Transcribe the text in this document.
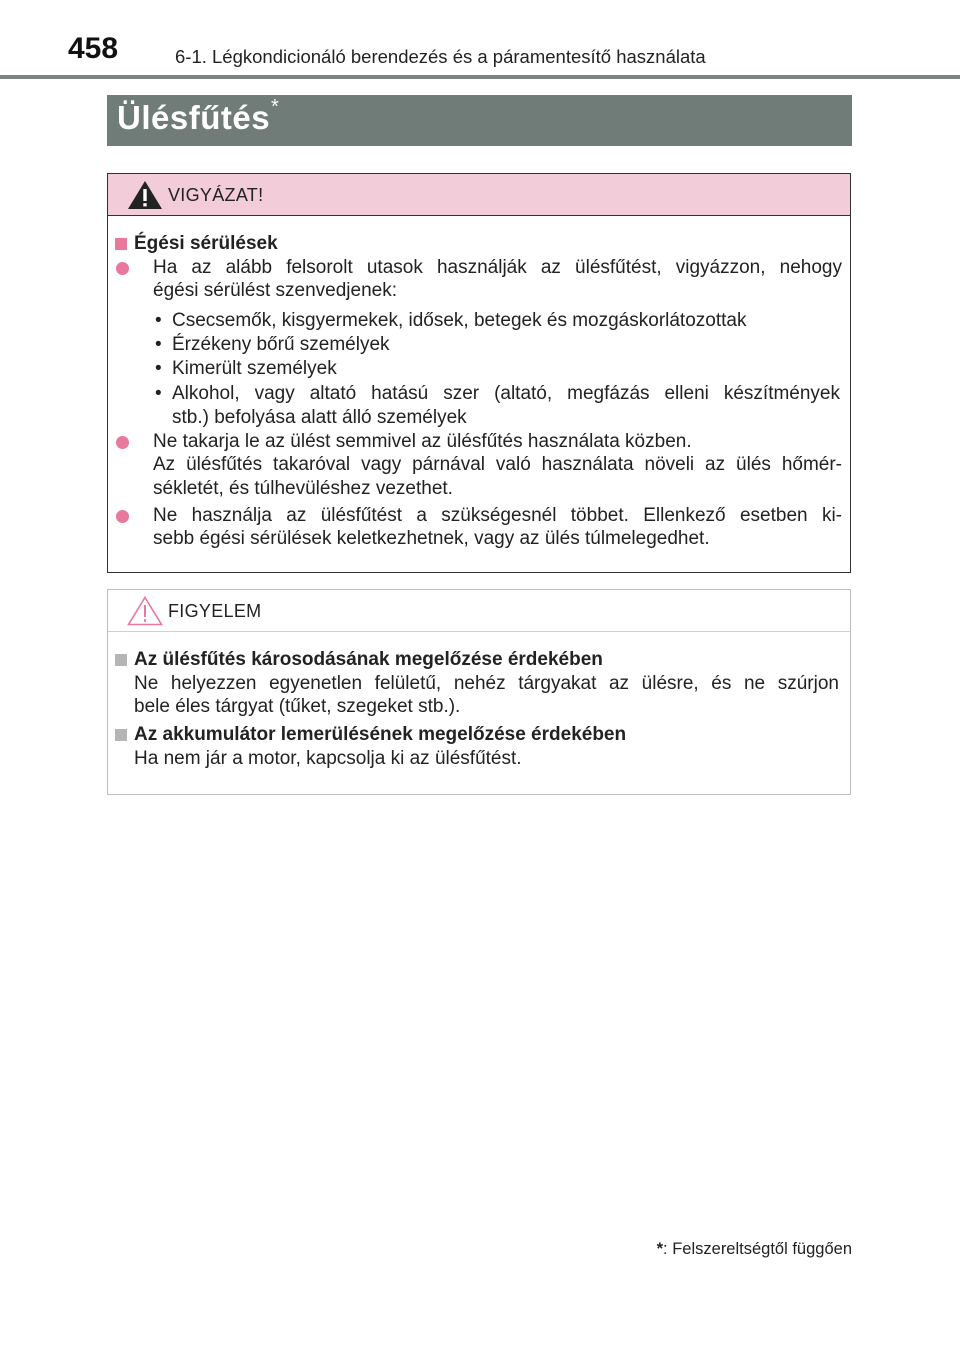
458	6-1. Légkondicionáló berendezés és a páramentesítő használata
Ülésfűtés *
VIGYÁZAT!
Égési sérülések
Ha az alább felsorolt utasok használják az ülésfűtést, vigyázzon, nehogy
égési sérülést szenvedjenek:
• Csecsemők, kisgyermekek, idősek, betegek és mozgáskorlátozottak
• Érzékeny bőrű személyek
• Kimerült személyek
• Alkohol, vagy altató hatású szer (altató, megfázás elleni készítmények
stb.) befolyása alatt álló személyek
Ne takarja le az ülést semmivel az ülésfűtés használata közben.
Az ülésfűtés takaróval vagy párnával való használata növeli az ülés hőmér-
sékletét, és túlhevüléshez vezethet.
Ne használja az ülésfűtést a szükségesnél többet. Ellenkező esetben ki-
sebb égési sérülések keletkezhetnek, vagy az ülés túlmelegedhet.
FIGYELEM
Az ülésfűtés károsodásának megelőzése érdekében
Ne helyezzen egyenetlen felületű, nehéz tárgyakat az ülésre, és ne szúrjon
bele éles tárgyat (tűket, szegeket stb.).
Az akkumulátor lemerülésének megelőzése érdekében
Ha nem jár a motor, kapcsolja ki az ülésfűtést.
*: Felszereltségtől függően
